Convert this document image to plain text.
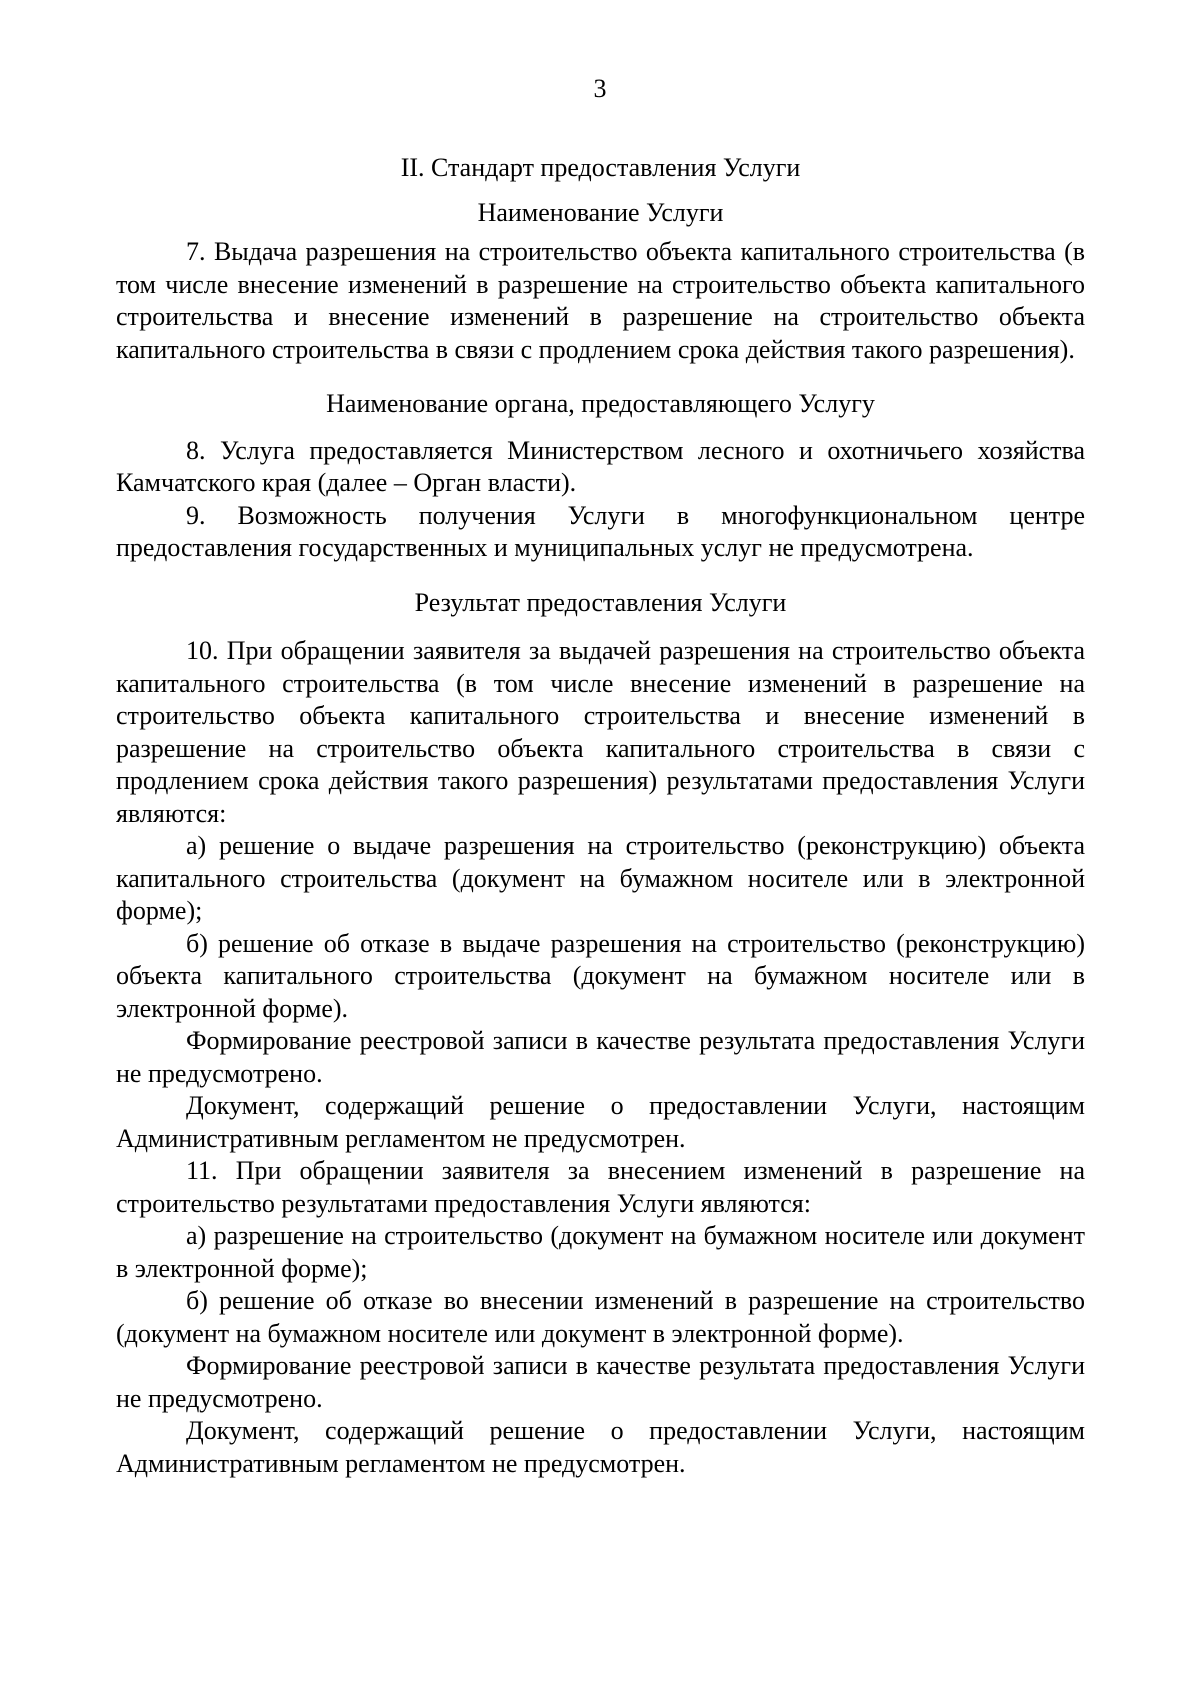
3
II. Стандарт предоставления Услуги
Наименование Услуги

7. Выдача разрешения на строительство объекта капитального строительства (в том числе внесение изменений в разрешение на строительство объекта капитального строительства и внесение изменений в разрешение на строительство объекта капитального строительства в связи с продлением срока действия такого разрешения).

Наименование органа, предоставляющего Услугу

8. Услуга предоставляется Министерством лесного и охотничьего хозяйства Камчатского края (далее – Орган власти).

9. Возможность получения Услуги в многофункциональном центре предоставления государственных и муниципальных услуг не предусмотрена.

Результат предоставления Услуги

10. При обращении заявителя за выдачей разрешения на строительство объекта капитального строительства (в том числе внесение изменений в разрешение на строительство объекта капитального строительства и внесение изменений в разрешение на строительство объекта капитального строительства в связи с продлением срока действия такого разрешения) результатами предоставления Услуги являются:

а) решение о выдаче разрешения на строительство (реконструкцию) объекта капитального строительства (документ на бумажном носителе или в электронной форме);

б) решение об отказе в выдаче разрешения на строительство (реконструкцию) объекта капитального строительства (документ на бумажном носителе или в электронной форме).

Формирование реестровой записи в качестве результата предоставления Услуги не предусмотрено.

Документ, содержащий решение о предоставлении Услуги, настоящим Административным регламентом не предусмотрен.

11. При обращении заявителя за внесением изменений в разрешение на строительство результатами предоставления Услуги являются:

а) разрешение на строительство (документ на бумажном носителе или документ в электронной форме);

б) решение об отказе во внесении изменений в разрешение на строительство (документ на бумажном носителе или документ в электронной форме).

Формирование реестровой записи в качестве результата предоставления Услуги не предусмотрено.

Документ, содержащий решение о предоставлении Услуги, настоящим Административным регламентом не предусмотрен.
